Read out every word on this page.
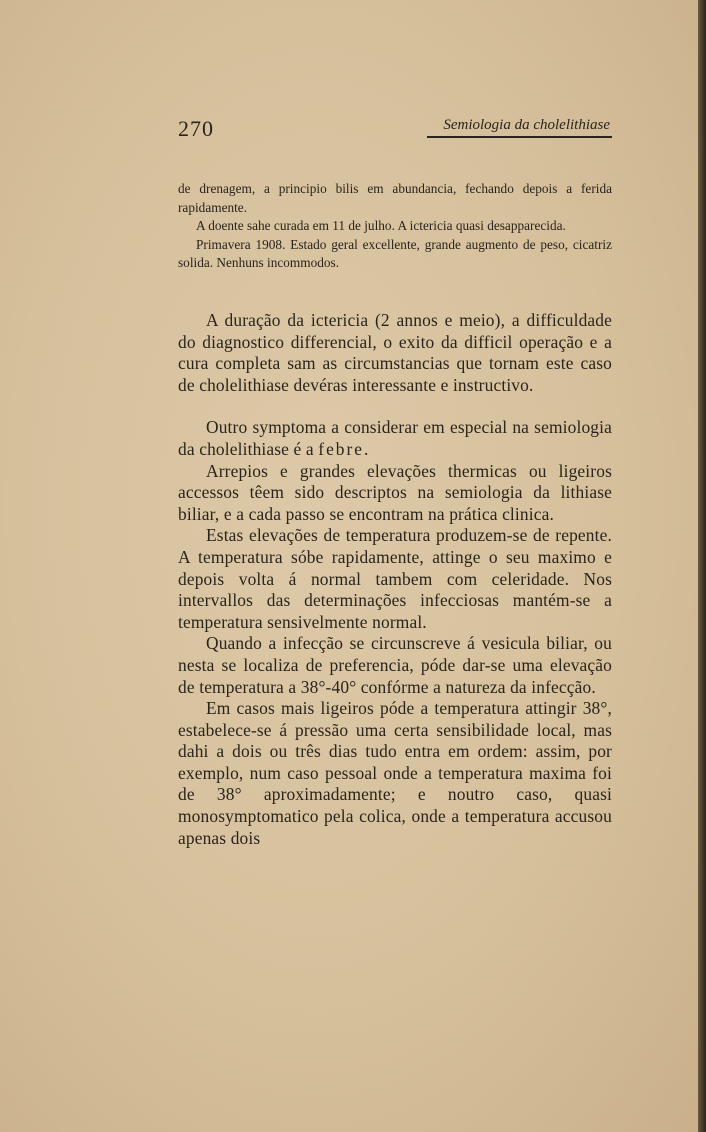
270	Semiologia da cholelithiase

de drenagem, a principio bilis em abundancia, fechando depois a ferida rapidamente.

A doente sahe curada em 11 de julho. A ictericia quasi desapparecida.

Primavera 1908. Estado geral excellente, grande augmento de peso, cicatriz solida. Nenhuns incommodos.

A duração da ictericia (2 annos e meio), a difficuldade do diagnostico differencial, o exito da difficil operação e a cura completa sam as circumstancias que tornam este caso de cholelithiase devéras interessante e instructivo.

Outro symptoma a considerar em especial na semiologia da cholelithiase é a febre.

Arrepios e grandes elevações thermicas ou ligeiros accessos têem sido descriptos na semiologia da lithiase biliar, e a cada passo se encontram na prática clinica.

Estas elevações de temperatura produzem-se de repente. A temperatura sóbe rapidamente, attinge o seu maximo e depois volta á normal tambem com celeridade. Nos intervallos das determinações infecciosas mantém-se a temperatura sensivelmente normal.

Quando a infecção se circunscreve á vesicula biliar, ou nesta se localiza de preferencia, póde dar-se uma elevação de temperatura a 38°-40° confórme a natureza da infecção.

Em casos mais ligeiros póde a temperatura attingir 38°, estabelece-se á pressão uma certa sensibilidade local, mas dahi a dois ou três dias tudo entra em ordem: assim, por exemplo, num caso pessoal onde a temperatura maxima foi de 38° aproximadamente; e noutro caso, quasi monosymptomatico pela colica, onde a temperatura accusou apenas dois
